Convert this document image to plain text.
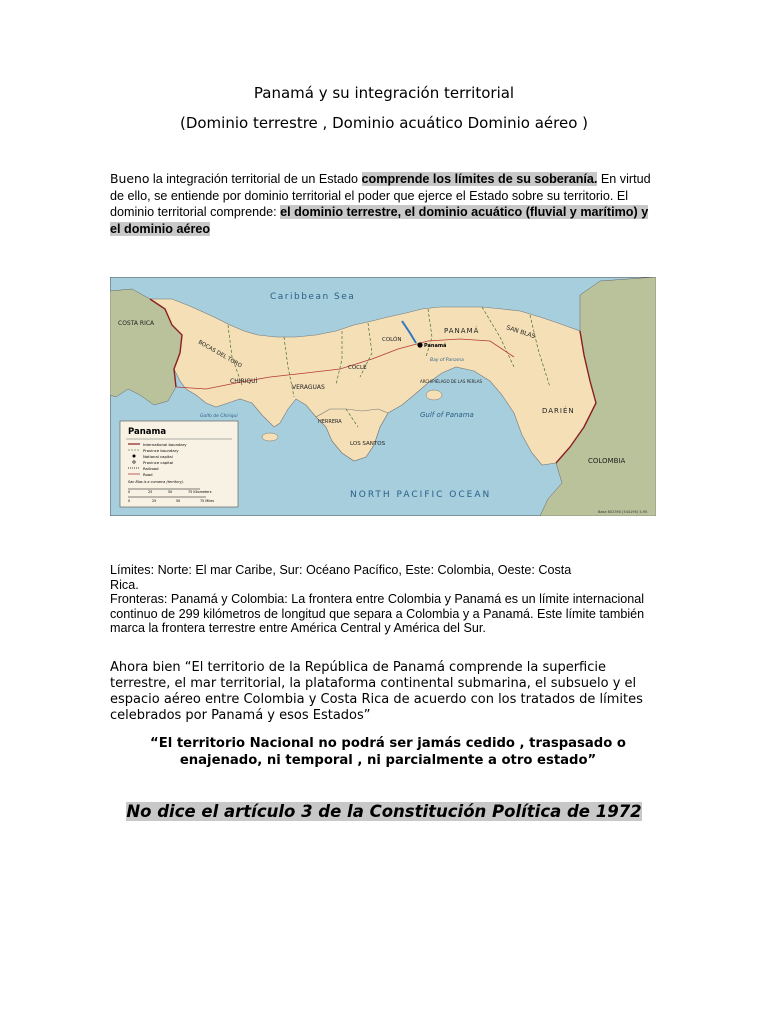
Panamá y su integración territorial
(Dominio terrestre , Dominio acuático Dominio aéreo )
Bueno la integración territorial de un Estado comprende los límites de su soberanía. En virtud de ello, se entiende por dominio territorial el poder que ejerce el Estado sobre su territorio. El dominio territorial comprende: el dominio terrestre, el dominio acuático (fluvial y marítimo) y el dominio aéreo
Panamá
Caribbean Sea
NORTH PACIFIC OCEAN
Gulf of Panama
Bay of Panama
Golfo de Chiriquí
COSTA RICA
COLOMBIA
SAN BLAS
DARIÉN
PANAMÁ
COLÓN
BOCAS DEL TORO
CHIRIQUÍ
VERAGUAS
COCLÉ
HERRERA
LOS SANTOS
ARCHIPIÉLAGO DE LAS PERLAS
Panama
International boundary
Province boundary
National capital
Province capital
Railroad
Road
San Blas is a comarca (territory).
0	25	50	75 Kilometers
0	25	50	75 Miles
Base 802390 (544195) 5-95
Límites: Norte: El mar Caribe, Sur: Océano Pacífico, Este: Colombia, Oeste: Costa Rica.
Fronteras: Panamá y Colombia: La frontera entre Colombia y Panamá es un límite internacional continuo de 299 kilómetros de longitud que separa a Colombia y a Panamá. Este límite también marca la frontera terrestre entre América Central y América del Sur.
Ahora bien “El territorio de la República de Panamá comprende la superficie terrestre, el mar territorial, la plataforma continental submarina, el subsuelo y el espacio aéreo entre Colombia y Costa Rica de acuerdo con los tratados de límites celebrados por Panamá y esos Estados”
“El territorio Nacional no podrá ser jamás cedido , traspasado o enajenado, ni temporal , ni parcialmente a otro estado”
No dice el artículo 3 de la Constitución Política de 1972
